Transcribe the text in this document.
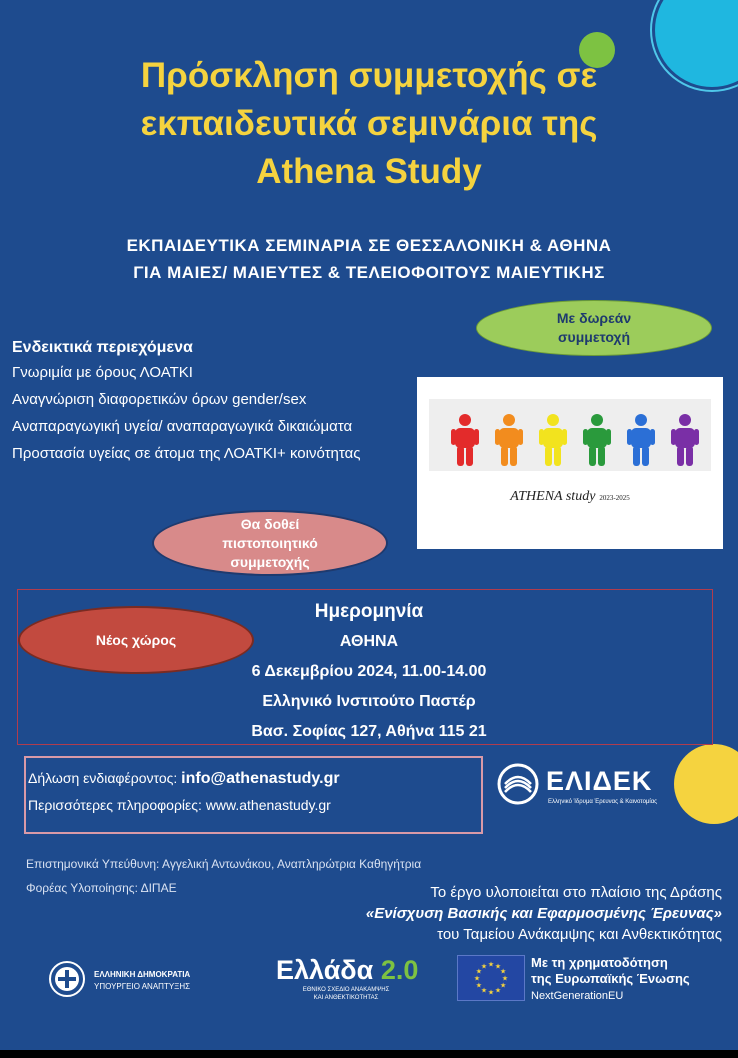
Πρόσκληση συμμετοχής σε
εκπαιδευτικά σεμινάρια της
Athena Study
ΕΚΠΑΙΔΕΥΤΙΚΑ ΣΕΜΙΝΑΡΙΑ ΣΕ ΘΕΣΣΑΛΟΝΙΚΗ & ΑΘΗΝΑ
ΓΙΑ ΜΑΙΕΣ/ ΜΑΙΕΥΤΕΣ & ΤΕΛΕΙΟΦΟΙΤΟΥΣ ΜΑΙΕΥΤΙΚΗΣ
Με δωρεάν
συμμετοχή
Ενδεικτικά περιεχόμενα
Γνωριμία με όρους ΛΟΑΤΚΙ
Αναγνώριση διαφορετικών όρων gender/sex
Αναπαραγωγική υγεία/ αναπαραγωγικά δικαιώματα
Προστασία υγείας σε άτομα της ΛΟΑΤΚΙ+ κοινότητας
ATHENA study 2023-2025
Θα δοθεί
πιστοποιητικό
συμμετοχής
Ημερομηνία
ΑΘΗΝΑ
6 Δεκεμβρίου 2024, 11.00-14.00
Ελληνικό Ινστιτούτο Παστέρ
Βασ. Σοφίας 127, Αθήνα 115 21
Νέος χώρος
Δήλωση ενδιαφέροντος: info@athenastudy.gr
Περισσότερες πληροφορίες: www.athenastudy.gr
ΕΛΙΔΕΚ
Ελληνικό Ίδρυμα Έρευνας & Καινοτομίας
Επιστημονικά Υπεύθυνη: Αγγελική Αντωνάκου, Αναπληρώτρια Καθηγήτρια
Φορέας Υλοποίησης: ΔΙΠΑΕ	Το έργο υλοποιείται στο πλαίσιο της Δράσης
«Ενίσχυση Βασικής και Εφαρμοσμένης Έρευνας»
του Ταμείου Ανάκαμψης και Ανθεκτικότητας
ΕΛΛΗΝΙΚΗ ΔΗΜΟΚΡΑΤΙΑ
ΥΠΟΥΡΓΕΙΟ ΑΝΑΠΤΥΞΗΣ
Ελλάδα 2.0
ΕΘΝΙΚΟ ΣΧΕΔΙΟ ΑΝΑΚΑΜΨΗΣ
ΚΑΙ ΑΝΘΕΚΤΙΚΟΤΗΤΑΣ
★ ★
★
★
★
★
★
★
★
★
★
★	Με τη χρηματοδότηση
της Ευρωπαϊκής Ένωσης
NextGenerationEU
